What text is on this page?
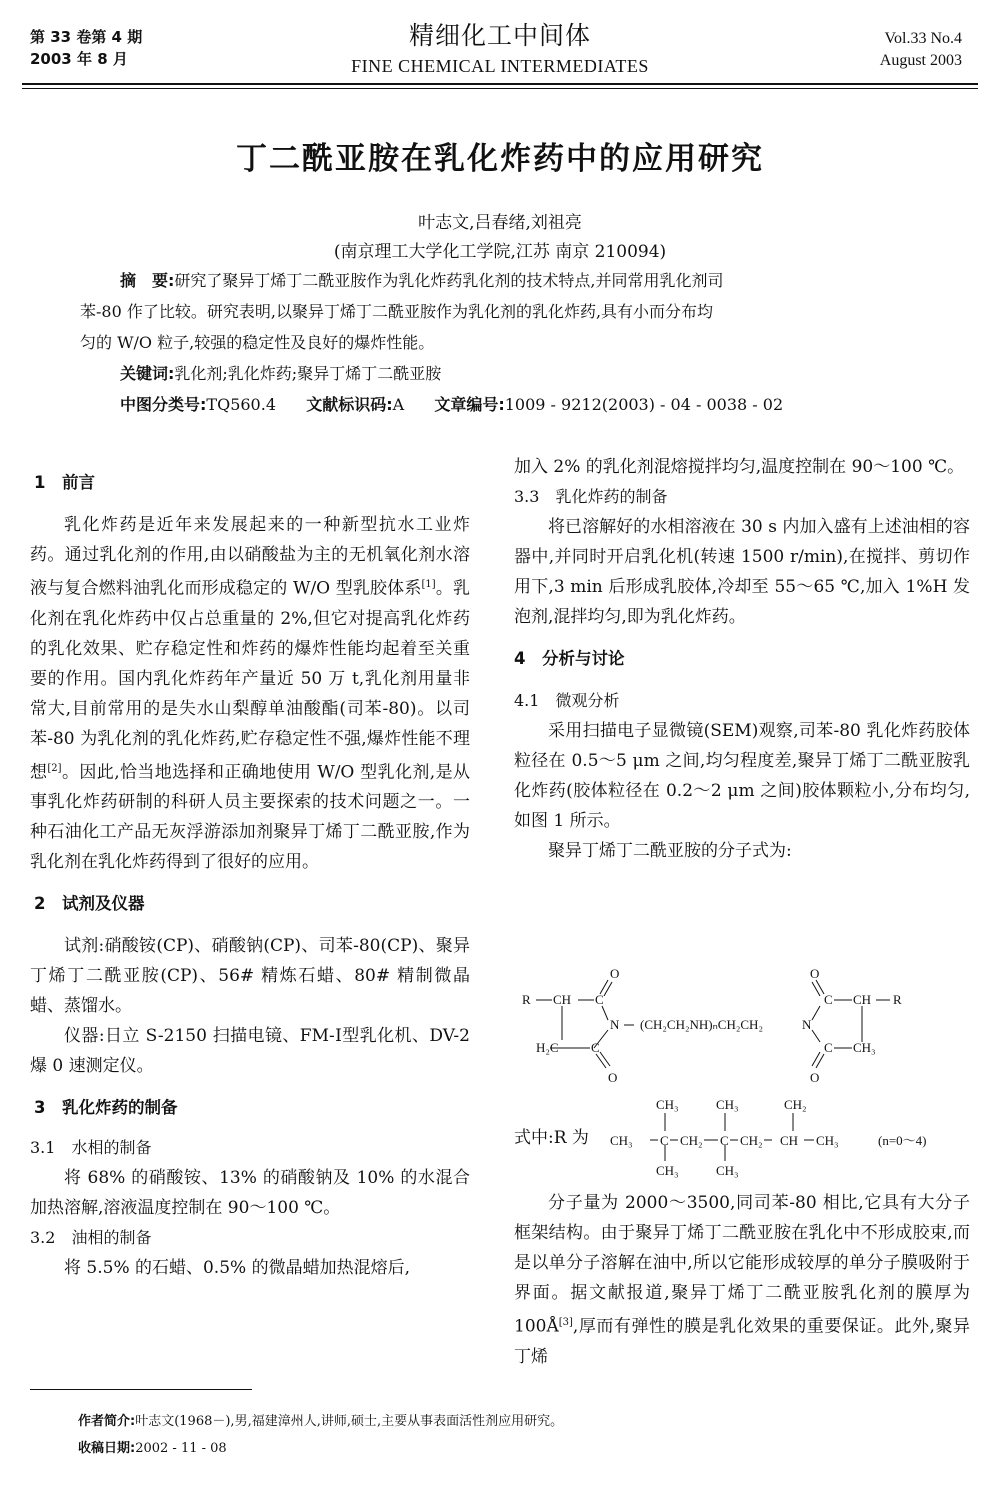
第 33 卷第 4 期
2003 年 8 月
精细化工中间体
FINE CHEMICAL INTERMEDIATES
Vol.33 No.4
August 2003
丁二酰亚胺在乳化炸药中的应用研究
叶志文,吕春绪,刘祖亮
(南京理工大学化工学院,江苏 南京 210094)
摘　要:研究了聚异丁烯丁二酰亚胺作为乳化炸药乳化剂的技术特点,并同常用乳化剂司
苯-80 作了比较。研究表明,以聚异丁烯丁二酰亚胺作为乳化剂的乳化炸药,具有小而分布均
匀的 W/O 粒子,较强的稳定性及良好的爆炸性能。
关键词:乳化剂;乳化炸药;聚异丁烯丁二酰亚胺
中图分类号:TQ560.4 文献标识码:A 文章编号:1009 - 9212(2003) - 04 - 0038 - 02
1　前言

乳化炸药是近年来发展起来的一种新型抗水工业炸药。通过乳化剂的作用,由以硝酸盐为主的无机氧化剂水溶液与复合燃料油乳化而形成稳定的 W/O 型乳胶体系[1]。乳化剂在乳化炸药中仅占总重量的 2%,但它对提高乳化炸药的乳化效果、贮存稳定性和炸药的爆炸性能均起着至关重要的作用。国内乳化炸药年产量近 50 万 t,乳化剂用量非常大,目前常用的是失水山梨醇单油酸酯(司苯-80)。以司苯-80 为乳化剂的乳化炸药,贮存稳定性不强,爆炸性能不理想[2]。因此,恰当地选择和正确地使用 W/O 型乳化剂,是从事乳化炸药研制的科研人员主要探索的技术问题之一。一种石油化工产品无灰浮游添加剂聚异丁烯丁二酰亚胺,作为乳化剂在乳化炸药得到了很好的应用。

2　试剂及仪器

试剂:硝酸铵(CP)、硝酸钠(CP)、司苯-80(CP)、聚异丁烯丁二酰亚胺(CP)、56# 精炼石蜡、80# 精制微晶蜡、蒸馏水。

仪器:日立 S-2150 扫描电镜、FM-Ⅰ型乳化机、DV-2 爆 0 速测定仪。

3　乳化炸药的制备
3.1　水相的制备

将 68% 的硝酸铵、13% 的硝酸钠及 10% 的水混合加热溶解,溶液温度控制在 90～100 ℃。

3.2　油相的制备

将 5.5% 的石蜡、0.5% 的微晶蜡加热混熔后,

加入 2% 的乳化剂混熔搅拌均匀,温度控制在 90～100 ℃。
3.3　乳化炸药的制备

将已溶解好的水相溶液在 30 s 内加入盛有上述油相的容器中,并同时开启乳化机(转速 1500 r/min),在搅拌、剪切作用下,3 min 后形成乳胶体,冷却至 55～65 ℃,加入 1%H 发泡剂,混拌均匀,即为乳化炸药。

4　分析与讨论
4.1　微观分析

采用扫描电子显微镜(SEM)观察,司苯-80 乳化炸药胶体粒径在 0.5～5 μm 之间,均匀程度差,聚异丁烯丁二酰亚胺乳化炸药(胶体粒径在 0.2～2 μm 之间)胶体颗粒小,分布均匀,如图 1 所示。

聚异丁烯丁二酰亚胺的分子式为:

R CH C
O
N
H₂C C
O
(CH₂CH₂NH)ₙCH₂CH₂	N
O
C CH R
C CH₃
O
式中:R 为 CH₃ C
CH₃
CH₃
CH₂ C
CH₃
CH₃
CH₂ CH
CH₂
CH₃	(n=0～4)

分子量为 2000～3500,同司苯-80 相比,它具有大分子框架结构。由于聚异丁烯丁二酰亚胺在乳化中不形成胶束,而是以单分子溶解在油中,所以它能形成较厚的单分子膜吸附于界面。据文献报道,聚异丁烯丁二酰亚胺乳化剂的膜厚为 100Å[3],厚而有弹性的膜是乳化效果的重要保证。此外,聚异丁烯

作者简介:叶志文(1968－),男,福建漳州人,讲师,硕士,主要从事表面活性剂应用研究。
收稿日期:2002 - 11 - 08
